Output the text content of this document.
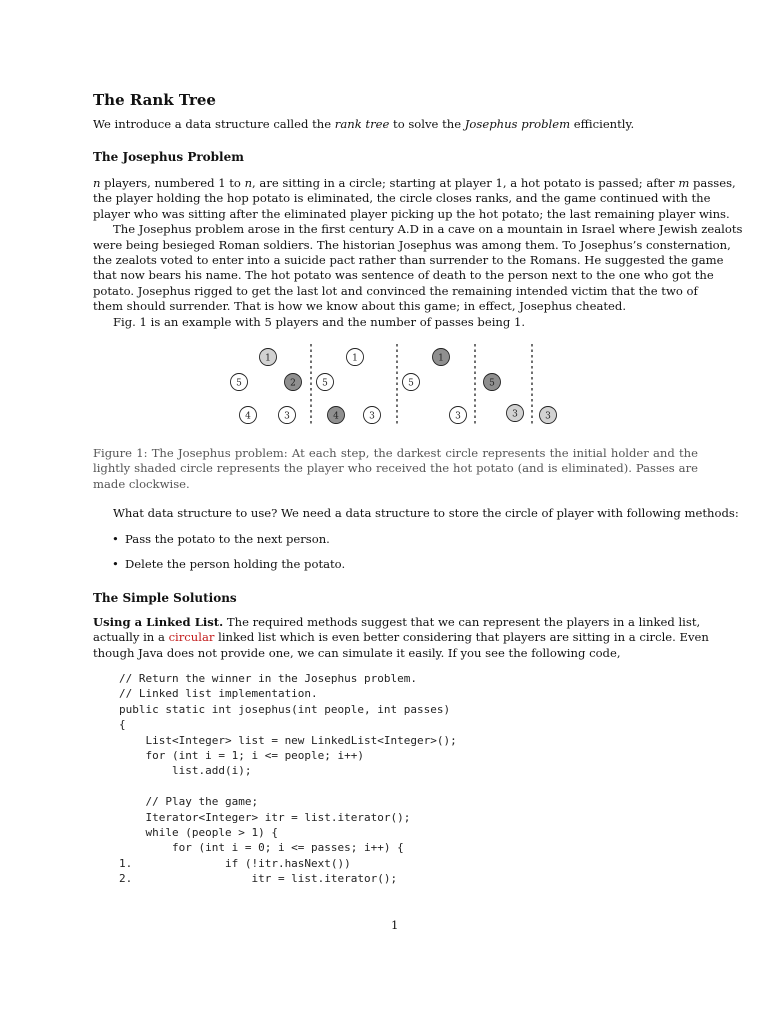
The Rank Tree
We introduce a data structure called the rank tree to solve the Josephus problem efficiently.
The Josephus Problem
n players, numbered 1 to n, are sitting in a circle; starting at player 1, a hot potato is passed; after m passes,
the player holding the hop potato is eliminated, the circle closes ranks, and the game continued with the
player who was sitting after the eliminated player picking up the hot potato; the last remaining player wins.
The Josephus problem arose in the first century A.D in a cave on a mountain in Israel where Jewish zealots
were being besieged Roman soldiers. The historian Josephus was among them. To Josephus’s consternation,
the zealots voted to enter into a suicide pact rather than surrender to the Romans. He suggested the game
that now bears his name. The hot potato was sentence of death to the person next to the one who got the
potato. Josephus rigged to get the last lot and convinced the remaining intended victim that the two of
them should surrender. That is how we know about this game; in effect, Josephus cheated.
Fig. 1 is an example with 5 players and the number of passes being 1.
1
5	2
4	3
1
5
4	3
1
5
3
5
3	3
Figure 1: The Josephus problem: At each step, the darkest circle represents the initial holder and the lightly shaded circle represents the player who received the hot potato (and is eliminated). Passes are made clockwise.
What data structure to use? We need a data structure to store the circle of player with following methods:
• Pass the potato to the next person.
• Delete the person holding the potato.
The Simple Solutions
Using a Linked List. The required methods suggest that we can represent the players in a linked list,
actually in a circular linked list which is even better considering that players are sitting in a circle. Even
though Java does not provide one, we can simulate it easily. If you see the following code,
// Return the winner in the Josephus problem.
// Linked list implementation.
public static int josephus(int people, int passes)
{
List<Integer> list = new LinkedList<Integer>();
for (int i = 1; i <= people; i++)
list.add(i);

// Play the game;
Iterator<Integer> itr = list.iterator();
while (people > 1) {
for (int i = 0; i <= passes; i++) {
1.              if (!itr.hasNext())
2.                  itr = list.iterator();
1
